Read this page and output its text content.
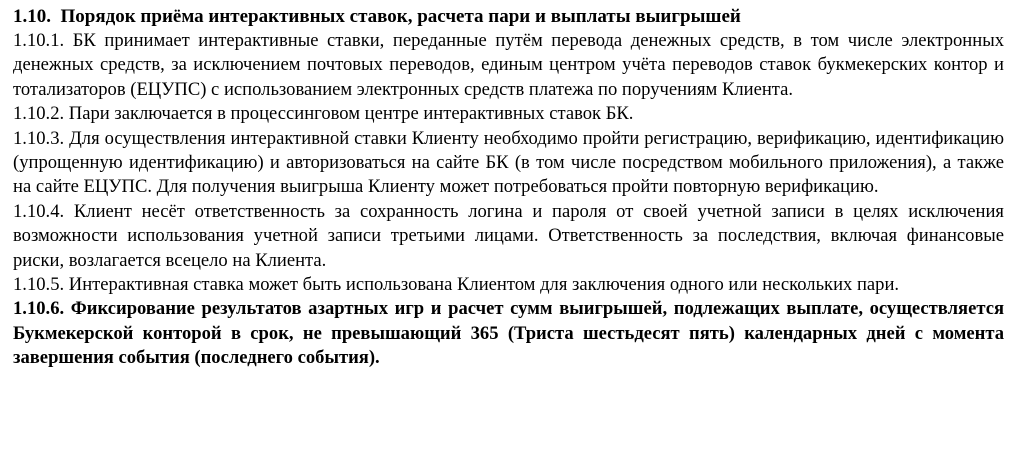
1.10. Порядок приёма интерактивных ставок, расчета пари и выплаты выигрышей

1.10.1. БК принимает интерактивные ставки, переданные путём перевода денежных средств, в том числе электронных денежных средств, за исключением почтовых переводов, единым центром учёта переводов ставок букмекерских контор и тотализаторов (ЕЦУПС) с использованием электронных средств платежа по поручениям Клиента.

1.10.2. Пари заключается в процессинговом центре интерактивных ставок БК.

1.10.3. Для осуществления интерактивной ставки Клиенту необходимо пройти регистрацию, верификацию, идентификацию (упрощенную идентификацию) и авторизоваться на сайте БК (в том числе посредством мобильного приложения), а также на сайте ЕЦУПС. Для получения выигрыша Клиенту может потребоваться пройти повторную верификацию.

1.10.4. Клиент несёт ответственность за сохранность логина и пароля от своей учетной записи в целях исключения возможности использования учетной записи третьими лицами. Ответственность за последствия, включая финансовые риски, возлагается всецело на Клиента.

1.10.5. Интерактивная ставка может быть использована Клиентом для заключения одного или нескольких пари.

1.10.6. Фиксирование результатов азартных игр и расчет сумм выигрышей, подлежащих выплате, осуществляется Букмекерской конторой в срок, не превышающий 365 (Триста шестьдесят пять) календарных дней с момента завершения события (последнего события).
